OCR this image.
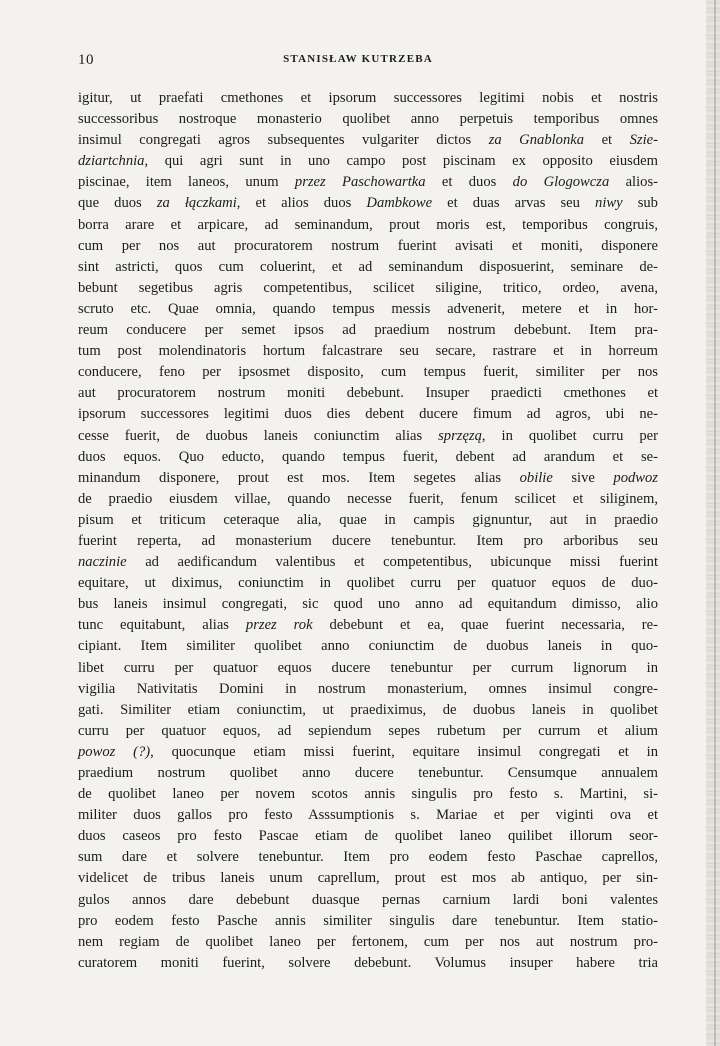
10	STANISŁAW KUTRZEBA
igitur, ut praefati cmethones et ipsorum successores legitimi nobis et nostris
successoribus nostroque monasterio quolibet anno perpetuis temporibus omnes
insimul congregati agros subsequentes vulgariter dictos za Gnablonka et Szie-
dziartchnia, qui agri sunt in uno campo post piscinam ex opposito eiusdem
piscinae, item laneos, unum przez Paschowartka et duos do Glogowcza alios-
que duos za łączkami, et alios duos Dambkowe et duas arvas seu niwy sub
borra arare et arpicare, ad seminandum, prout moris est, temporibus congruis,
cum per nos aut procuratorem nostrum fuerint avisati et moniti, disponere
sint astricti, quos cum coluerint, et ad seminandum disposuerint, seminare de-
bebunt segetibus agris competentibus, scilicet siligine, tritico, ordeo, avena,
scruto etc. Quae omnia, quando tempus messis advenerit, metere et in hor-
reum conducere per semet ipsos ad praedium nostrum debebunt. Item pra-
tum post molendinatoris hortum falcastrare seu secare, rastrare et in horreum
conducere, feno per ipsosmet disposito, cum tempus fuerit, similiter per nos
aut procuratorem nostrum moniti debebunt. Insuper praedicti cmethones et
ipsorum successores legitimi duos dies debent ducere fimum ad agros, ubi ne-
cesse fuerit, de duobus laneis coniunctim alias sprzęzą, in quolibet curru per
duos equos. Quo educto, quando tempus fuerit, debent ad arandum et se-
minandum disponere, prout est mos. Item segetes alias obilie sive podwoz
de praedio eiusdem villae, quando necesse fuerit, fenum scilicet et siliginem,
pisum et triticum ceteraque alia, quae in campis gignuntur, aut in praedio
fuerint reperta, ad monasterium ducere tenebuntur. Item pro arboribus seu
naczinie ad aedificandum valentibus et competentibus, ubicunque missi fuerint
equitare, ut diximus, coniunctim in quolibet curru per quatuor equos de duo-
bus laneis insimul congregati, sic quod uno anno ad equitandum dimisso, alio
tunc equitabunt, alias przez rok debebunt et ea, quae fuerint necessaria, re-
cipiant. Item similiter quolibet anno coniunctim de duobus laneis in quo-
libet curru per quatuor equos ducere tenebuntur per currum lignorum in
vigilia Nativitatis Domini in nostrum monasterium, omnes insimul congre-
gati. Similiter etiam coniunctim, ut praediximus, de duobus laneis in quolibet
curru per quatuor equos, ad sepiendum sepes rubetum per currum et alium
powoz (?), quocunque etiam missi fuerint, equitare insimul congregati et in
praedium nostrum quolibet anno ducere tenebuntur. Censumque annualem
de quolibet laneo per novem scotos annis singulis pro festo s. Martini, si-
militer duos gallos pro festo Asssumptionis s. Mariae et per viginti ova et
duos caseos pro festo Pascae etiam de quolibet laneo quilibet illorum seor-
sum dare et solvere tenebuntur. Item pro eodem festo Paschae caprellos,
videlicet de tribus laneis unum caprellum, prout est mos ab antiquo, per sin-
gulos annos dare debebunt duasque pernas carnium lardi boni valentes
pro eodem festo Pasche annis similiter singulis dare tenebuntur. Item statio-
nem regiam de quolibet laneo per fertonem, cum per nos aut nostrum pro-
curatorem moniti fuerint, solvere debebunt. Volumus insuper habere tria
